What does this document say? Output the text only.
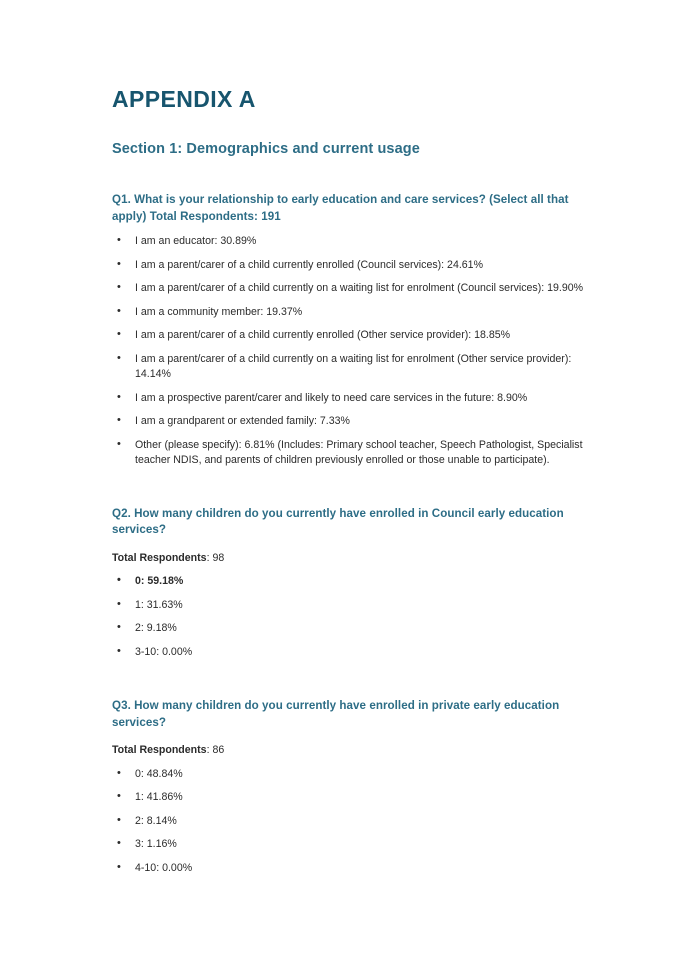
APPENDIX A
Section 1: Demographics and current usage

Q1. What is your relationship to early education and care services? (Select all that apply) Total Respondents: 191

• I am an educator: 30.89%
• I am a parent/carer of a child currently enrolled (Council services): 24.61%
• I am a parent/carer of a child currently on a waiting list for enrolment (Council services): 19.90%
• I am a community member: 19.37%
• I am a parent/carer of a child currently enrolled (Other service provider): 18.85%
• I am a parent/carer of a child currently on a waiting list for enrolment (Other service provider): 14.14%
• I am a prospective parent/carer and likely to need care services in the future: 8.90%
• I am a grandparent or extended family: 7.33%
• Other (please specify): 6.81% (Includes: Primary school teacher, Speech Pathologist, Specialist teacher NDIS, and parents of children previously enrolled or those unable to participate).

Q2. How many children do you currently have enrolled in Council early education services?

Total Respondents: 98

• 0: 59.18%
• 1: 31.63%
• 2: 9.18%
• 3-10: 0.00%

Q3. How many children do you currently have enrolled in private early education services?

Total Respondents: 86

• 0: 48.84%
• 1: 41.86%
• 2: 8.14%
• 3: 1.16%
• 4-10: 0.00%
